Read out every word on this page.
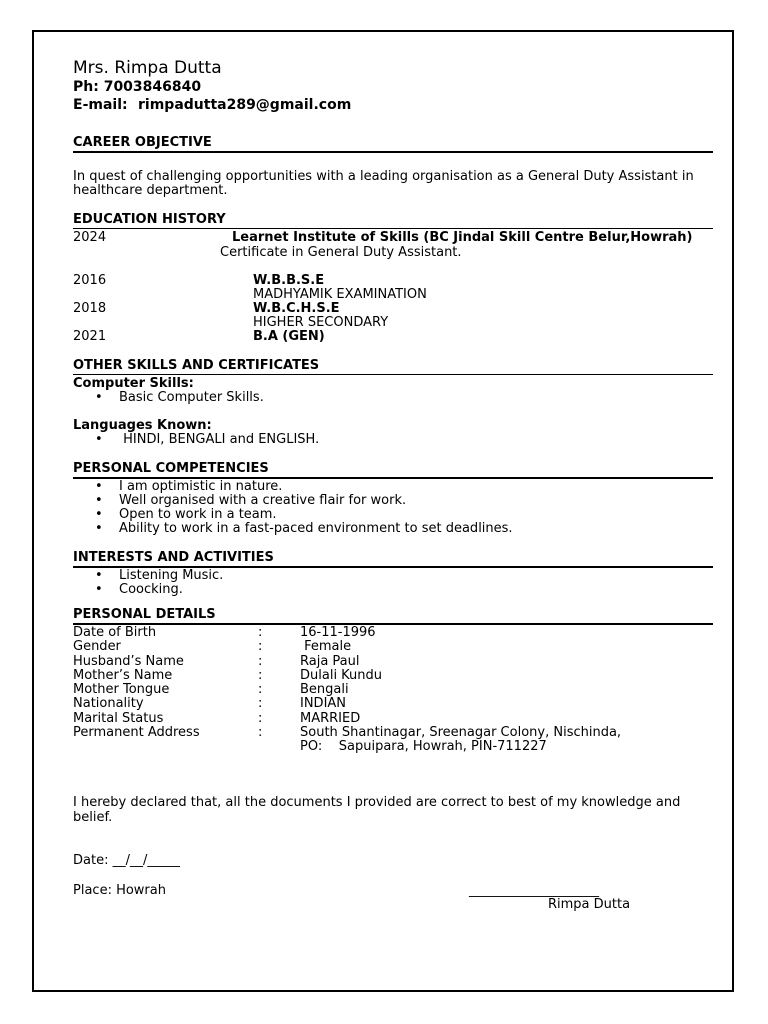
Mrs. Rimpa Dutta
Ph: 7003846840
E-mail: rimpadutta289@gmail.com
CAREER OBJECTIVE
In quest of challenging opportunities with a leading organisation as a General Duty Assistant in
healthcare department.
EDUCATION HISTORY
2024	Learnet Institute of Skills (BC Jindal Skill Centre Belur,Howrah)
Certificate in General Duty Assistant.
2016	W.B.B.S.E
MADHYAMIK EXAMINATION
2018	W.B.C.H.S.E
HIGHER SECONDARY
2021	B.A (GEN)
OTHER SKILLS AND CERTIFICATES
Computer Skills:
• Basic Computer Skills.
Languages Known:
•  HINDI, BENGALI and ENGLISH.
PERSONAL COMPETENCIES
• I am optimistic in nature.
• Well organised with a creative flair for work.
• Open to work in a team.
• Ability to work in a fast-paced environment to set deadlines.
INTERESTS AND ACTIVITIES
• Listening Music.
• Coocking.
PERSONAL DETAILS
Date of Birth	:	16-11-1996
Gender	:	Female
Husband’s Name	:	Raja Paul
Mother’s Name	:	Dulali Kundu
Mother Tongue	:	Bengali
Nationality	:	INDIAN
Marital Status	:	MARRIED
Permanent Address	:	South Shantinagar, Sreenagar Colony, Nischinda,
PO:    Sapuipara, Howrah, PIN-711227
I hereby declared that, all the documents I provided are correct to best of my knowledge and
belief.
Date: __/__/_____
Place: Howrah	____________________
Rimpa Dutta
